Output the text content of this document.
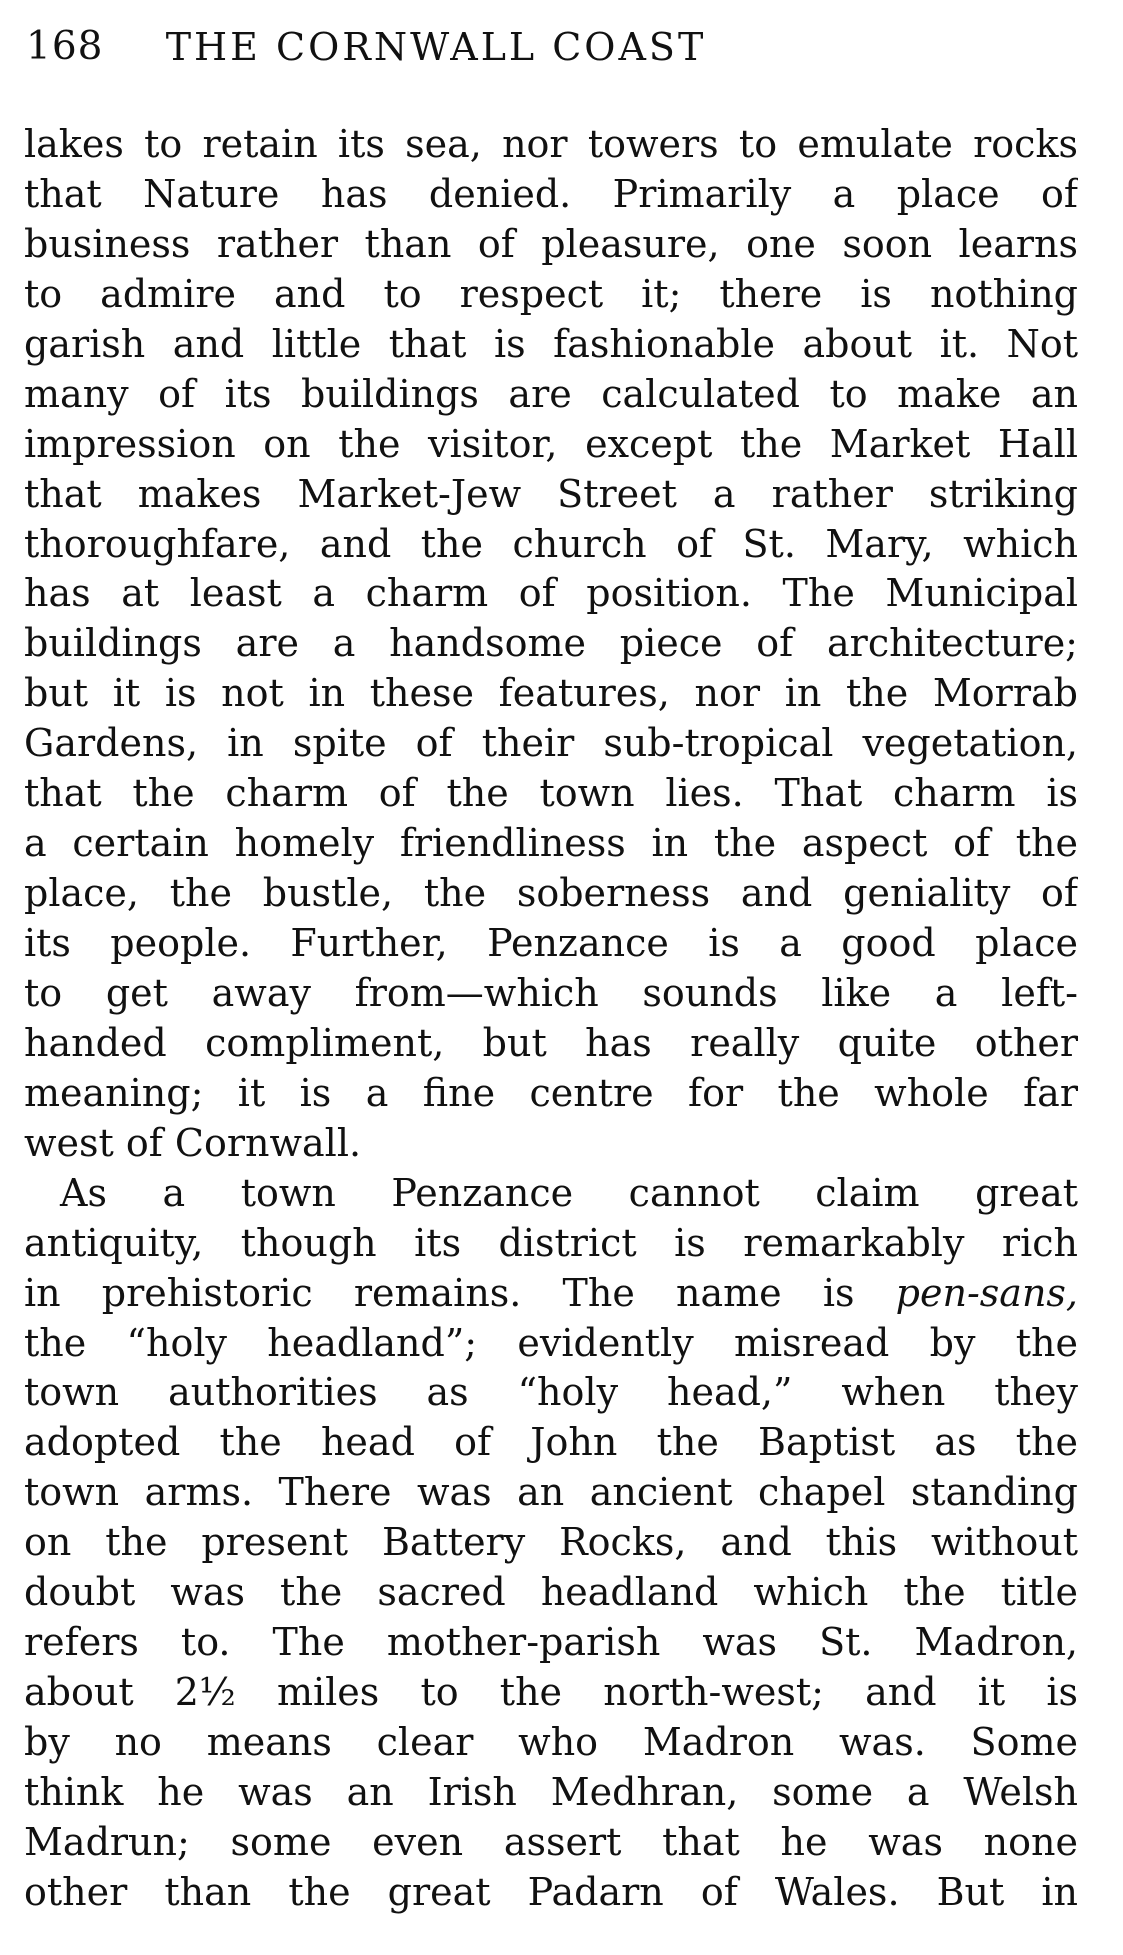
168	THE CORNWALL COAST
lakes to retain its sea, nor towers to emulate rocks
that Nature has denied. Primarily a place of
business rather than of pleasure, one soon learns
to admire and to respect it; there is nothing
garish and little that is fashionable about it. Not
many of its buildings are calculated to make an
impression on the visitor, except the Market Hall
that makes Market-Jew Street a rather striking
thoroughfare, and the church of St. Mary, which
has at least a charm of position. The Municipal
buildings are a handsome piece of architecture;
but it is not in these features, nor in the Morrab
Gardens, in spite of their sub-tropical vegetation,
that the charm of the town lies. That charm is
a certain homely friendliness in the aspect of the
place, the bustle, the soberness and geniality of
its people. Further, Penzance is a good place
to get away from—which sounds like a left-
handed compliment, but has really quite other
meaning; it is a fine centre for the whole far
west of Cornwall.
As a town Penzance cannot claim great
antiquity, though its district is remarkably rich
in prehistoric remains. The name is pen-sans,
the “holy headland”; evidently misread by the
town authorities as “holy head,” when they
adopted the head of John the Baptist as the
town arms. There was an ancient chapel standing
on the present Battery Rocks, and this without
doubt was the sacred headland which the title
refers to. The mother-parish was St. Madron,
about 2½ miles to the north-west; and it is
by no means clear who Madron was. Some
think he was an Irish Medhran, some a Welsh
Madrun; some even assert that he was none
other than the great Padarn of Wales. But in
